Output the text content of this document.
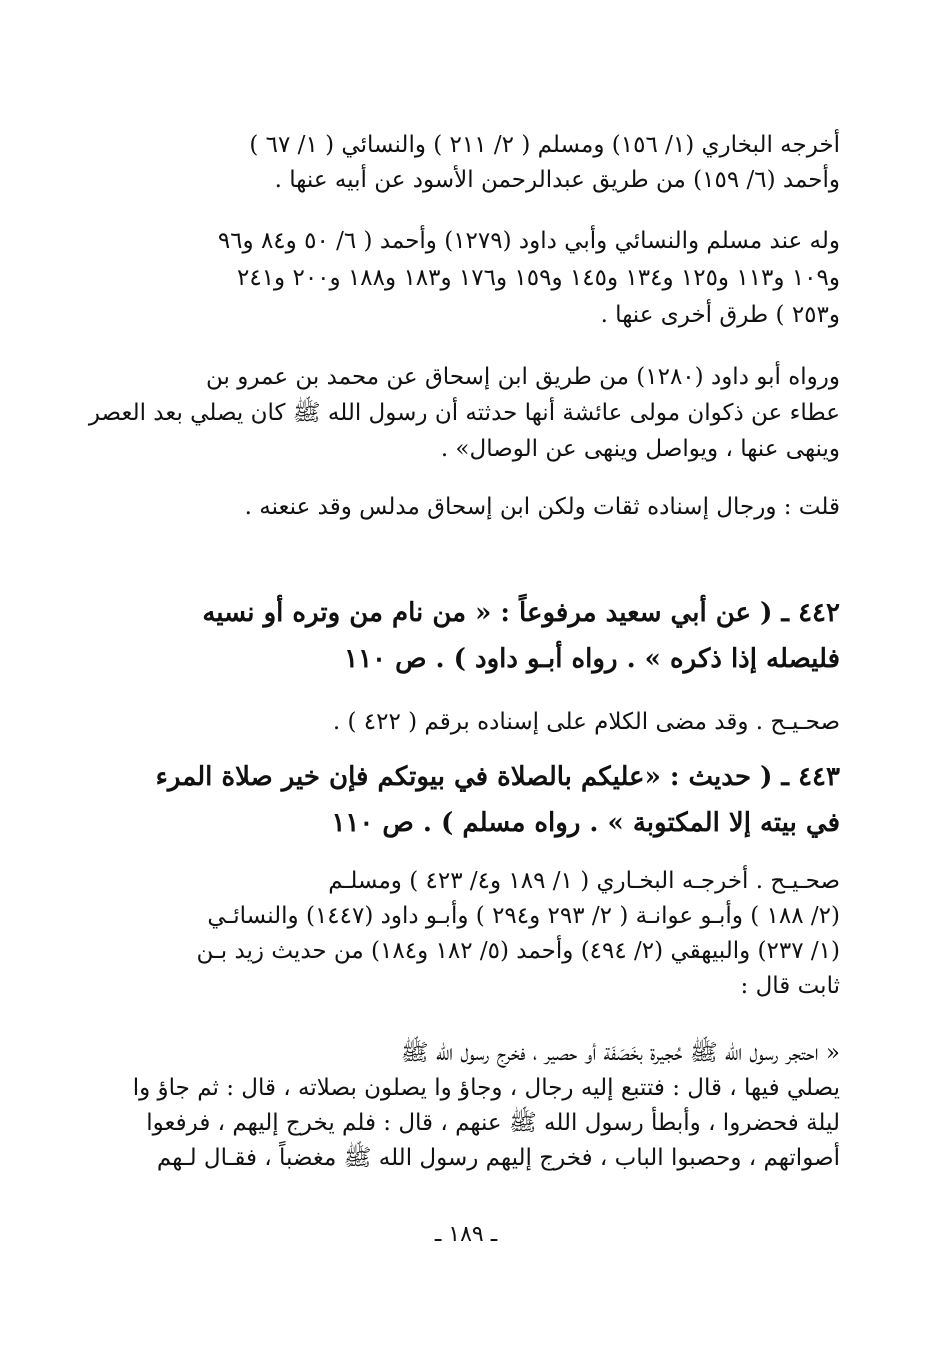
أخرجه البخاري (١/ ١٥٦) ومسلم ( ٢/ ٢١١ ) والنسائي ( ١/ ٦٧ )
وأحمد (٦/ ١٥٩) من طريق عبدالرحمن الأسود عن أبيه عنها .
وله عند مسلم والنسائي وأبي داود (١٢٧٩) وأحمد ( ٦/ ٥٠ و٨٤ و٩٦
و١٠٩ و١١٣ و١٢٥ و١٣٤ و١٤٥ و١٥٩ و١٧٦ و١٨٣ و١٨٨ و٢٠٠ و٢٤١
و٢٥٣ ) طرق أخرى عنها .
ورواه أبو داود (١٢٨٠) من طريق ابن إسحاق عن محمد بن عمرو بن
عطاء عن ذكوان مولى عائشة أنها حدثته أن رسول الله ﷺ كان يصلي بعد العصر
وينهى عنها ، ويواصل وينهى عن الوصال» .
قلت : ورجال إسناده ثقات ولكن ابن إسحاق مدلس وقد عنعنه .
٤٤٢ ـ ( عن أبي سعيد مرفوعاً : « من نام من وتره أو نسيه
فليصله إذا ذكره » . رواه أبـو داود ) . ص ١١٠
صحـيـح . وقد مضى الكلام على إسناده برقم ( ٤٢٢ ) .
٤٤٣ ـ ( حديث : «عليكم بالصلاة في بيوتكم فإن خير صلاة المرء
في بيته إلا المكتوبة » . رواه مسلم ) . ص ١١٠
صحـيـح . أخرجـه البخـاري ( ١/ ١٨٩ و٤/ ٤٢٣ ) ومسلـم
(٢/ ١٨٨ ) وأبـو عوانـة ( ٢/ ٢٩٣ و٢٩٤ ) وأبـو داود (١٤٤٧) والنسائـي
(١/ ٢٣٧) والبيهقي (٢/ ٤٩٤) وأحمد (٥/ ١٨٢ و١٨٤) من حديث زيد بـن
ثابت قال :
« احتجر رسول الله ﷺ حُجيرة بخَصَفَة أو حصير ، فخرج رسول الله ﷺ
يصلي فيها ، قال : فتتبع إليه رجال ، وجاؤ وا يصلون بصلاته ، قال : ثم جاؤ وا
ليلة فحضروا ، وأبطأ رسول الله ﷺ عنهم ، قال : فلم يخرج إليهم ، فرفعوا
أصواتهم ، وحصبوا الباب ، فخرج إليهم رسول الله ﷺ مغضباً ، فقـال لـهم
ـ ١٨٩ ـ
